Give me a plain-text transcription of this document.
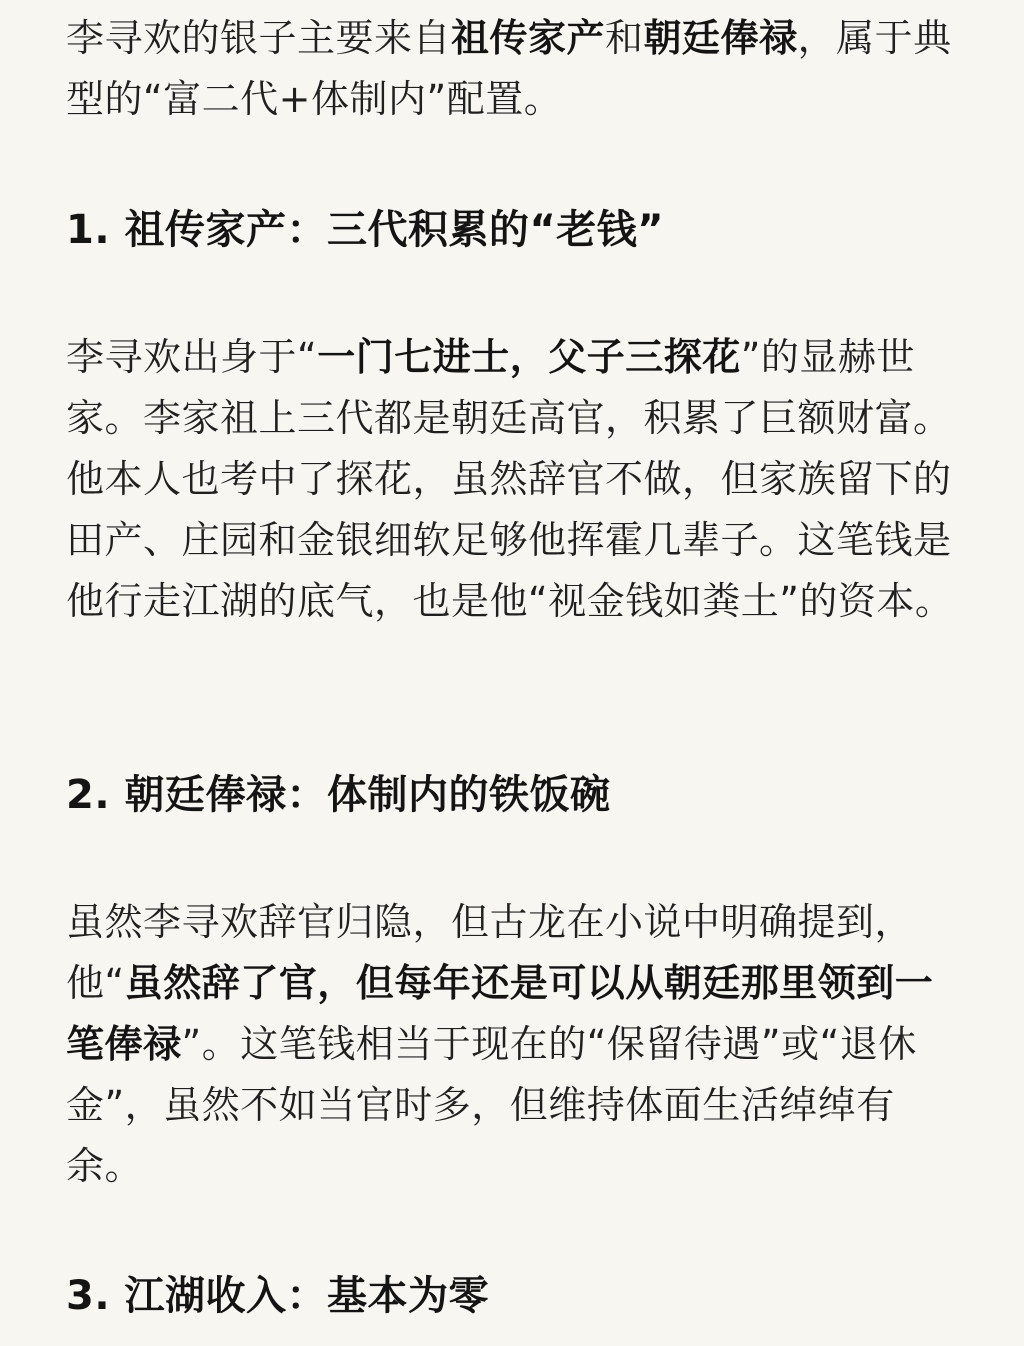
李寻欢的银子主要来自祖传家产和朝廷俸禄，属于典型的“富二代+体制内”配置。

1. 祖传家产：三代积累的“老钱”

李寻欢出身于“一门七进士，父子三探花”的显赫世家。李家祖上三代都是朝廷高官，积累了巨额财富。他本人也考中了探花，虽然辞官不做，但家族留下的田产、庄园和金银细软足够他挥霍几辈子。这笔钱是他行走江湖的底气，也是他“视金钱如粪土”的资本。

2. 朝廷俸禄：体制内的铁饭碗

虽然李寻欢辞官归隐，但古龙在小说中明确提到，他“虽然辞了官，但每年还是可以从朝廷那里领到一笔俸禄”。这笔钱相当于现在的“保留待遇”或“退休金”，虽然不如当官时多，但维持体面生活绰绰有余。

3. 江湖收入：基本为零
